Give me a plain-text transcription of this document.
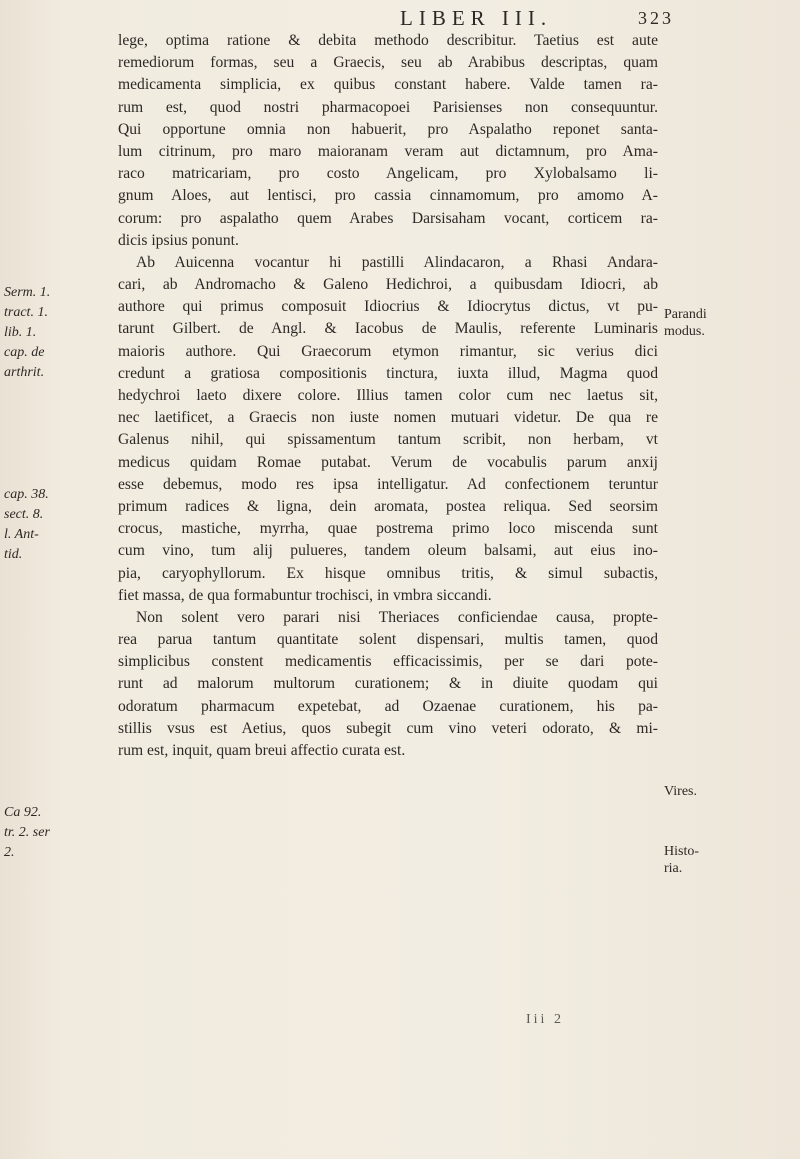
LIBER III.	323
lege, optima ratione & debita methodo describitur. Taetius est aute
remediorum formas, seu a Graecis, seu ab Arabibus descriptas, quam
medicamenta simplicia, ex quibus constant habere. Valde tamen ra-
rum est, quod nostri pharmacopoei Parisienses non consequuntur.
Qui opportune omnia non habuerit, pro Aspalatho reponet santa-
lum citrinum, pro maro maioranam veram aut dictamnum, pro Ama-
raco matricariam, pro costo Angelicam, pro Xylobalsamo li-
gnum Aloes, aut lentisci, pro cassia cinnamomum, pro amomo A-
corum: pro aspalatho quem Arabes Darsisaham vocant, corticem ra-
dicis ipsius ponunt.
Ab Auicenna vocantur hi pastilli Alindacaron, a Rhasi Andara-
cari, ab Andromacho & Galeno Hedichroi, a quibusdam Idiocri, ab
authore qui primus composuit Idiocrius & Idiocrytus dictus, vt pu-
tarunt Gilbert. de Angl. & Iacobus de Maulis, referente Luminaris
maioris authore. Qui Graecorum etymon rimantur, sic verius dici
credunt a gratiosa compositionis tinctura, iuxta illud, Magma quod
hedychroi laeto dixere colore. Illius tamen color cum nec laetus sit,
nec laetificet, a Graecis non iuste nomen mutuari videtur. De qua re
Galenus nihil, qui spissamentum tantum scribit, non herbam, vt
medicus quidam Romae putabat. Verum de vocabulis parum anxij
esse debemus, modo res ipsa intelligatur. Ad confectionem teruntur
primum radices & ligna, dein aromata, postea reliqua. Sed seorsim
crocus, mastiche, myrrha, quae postrema primo loco miscenda sunt
cum vino, tum alij pulueres, tandem oleum balsami, aut eius ino-
pia, caryophyllorum. Ex hisque omnibus tritis, & simul subactis,
fiet massa, de qua formabuntur trochisci, in vmbra siccandi.
Non solent vero parari nisi Theriaces conficiendae causa, propte-
rea parua tantum quantitate solent dispensari, multis tamen, quod
simplicibus constent medicamentis efficacissimis, per se dari pote-
runt ad malorum multorum curationem; & in diuite quodam qui
odoratum pharmacum expetebat, ad Ozaenae curationem, his pa-
stillis vsus est Aetius, quos subegit cum vino veteri odorato, & mi-
rum est, inquit, quam breui affectio curata est.
Serm. 1.
tract. 1.
lib. 1.
cap. de
arthrit.
cap. 38.
sect. 8.
l. Ant-
tid.
Ca 92.
tr. 2. ser
2.
Parandi
modus.
Vires.
Histo-
ria.
Iii 2
